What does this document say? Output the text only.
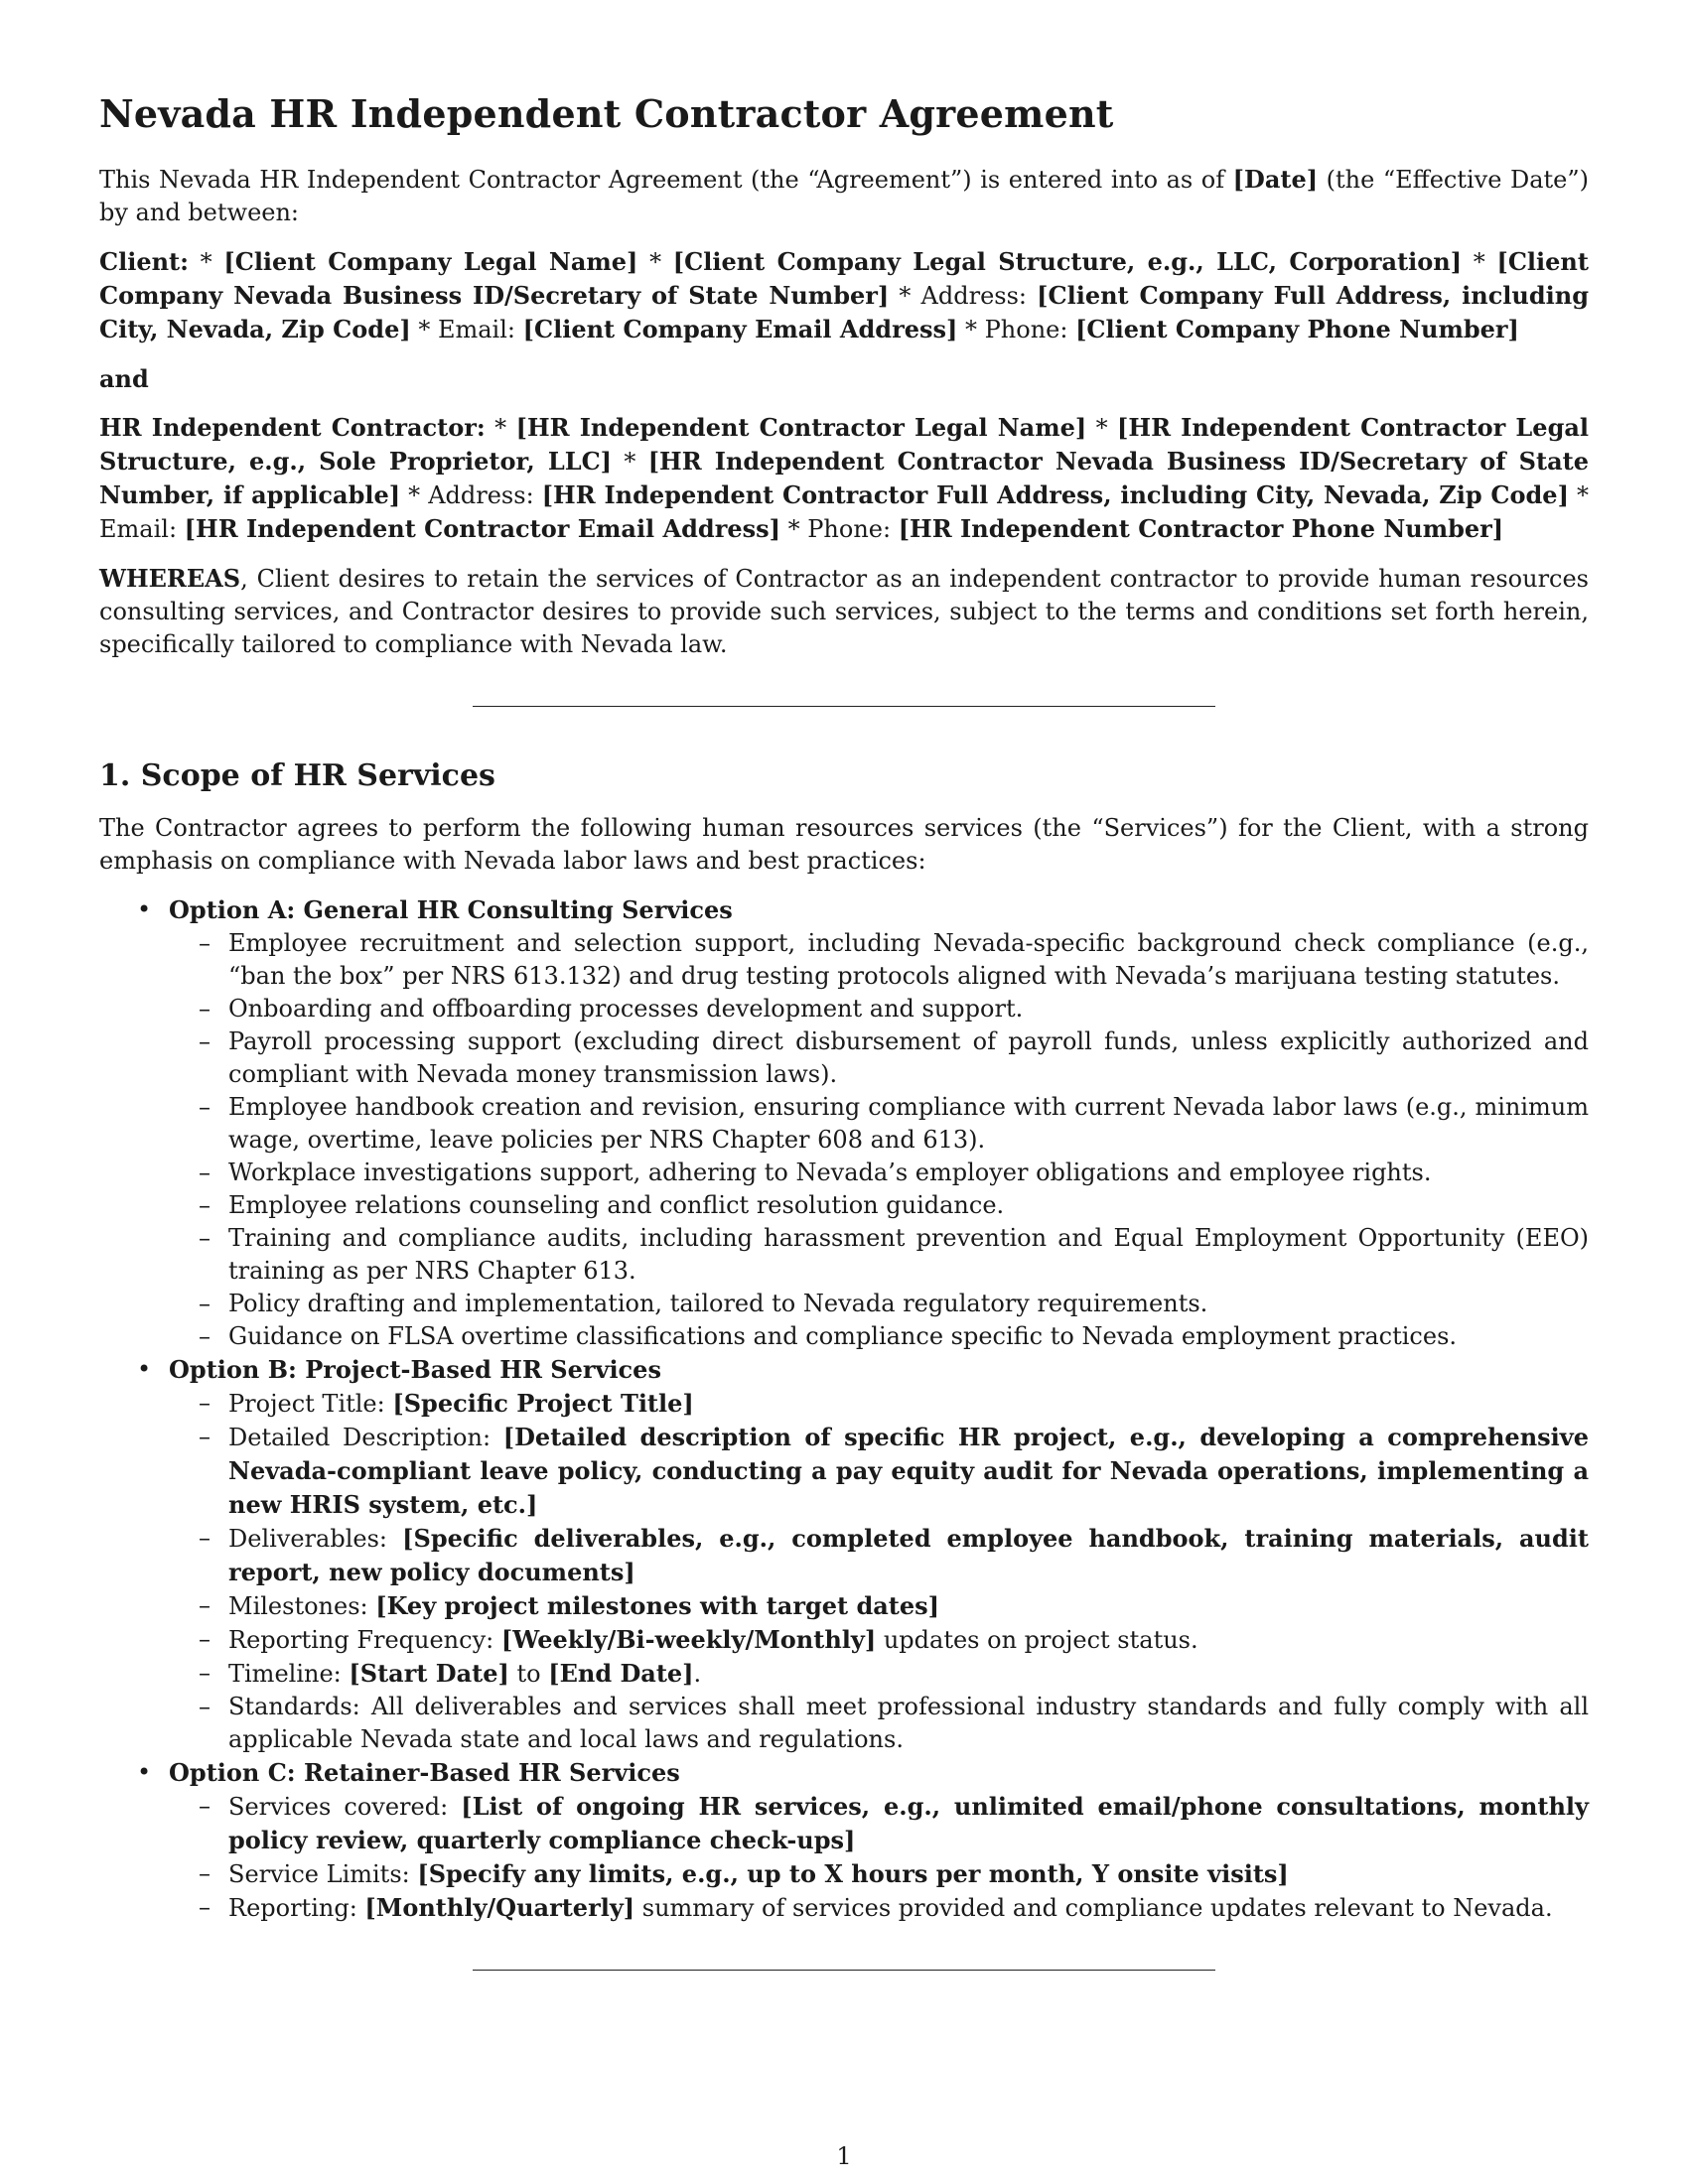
Nevada HR Independent Contractor Agreement

This Nevada HR Independent Contractor Agreement (the “Agreement”) is entered into as of [Date] (the “Effective Date”) by and between:

Client: * [Client Company Legal Name] * [Client Company Legal Structure, e.g., LLC, Corporation] * [Client Company Nevada Business ID/Secretary of State Number] * Address: [Client Company Full Address, including City, Nevada, Zip Code] * Email: [Client Company Email Address] * Phone: [Client Company Phone Number]

and

HR Independent Contractor: * [HR Independent Contractor Legal Name] * [HR Independent Contractor Legal Structure, e.g., Sole Proprietor, LLC] * [HR Independent Contractor Nevada Business ID/Secretary of State Number, if applicable] * Address: [HR Independent Contractor Full Address, including City, Nevada, Zip Code] * Email: [HR Independent Contractor Email Address] * Phone: [HR Independent Contractor Phone Number]

WHEREAS, Client desires to retain the services of Contractor as an independent contractor to provide human resources consulting services, and Contractor desires to provide such services, subject to the terms and conditions set forth herein, specifically tailored to compliance with Nevada law.

1. Scope of HR Services

The Contractor agrees to perform the following human resources services (the “Services”) for the Client, with a strong emphasis on compliance with Nevada labor laws and best practices:

• Option A: General HR Consulting Services
– Employee recruitment and selection support, including Nevada-specific background check compliance (e.g., “ban the box” per NRS 613.132) and drug testing protocols aligned with Nevada’s marijuana testing statutes.
– Onboarding and offboarding processes development and support.
– Payroll processing support (excluding direct disbursement of payroll funds, unless explicitly authorized and compliant with Nevada money transmission laws).
– Employee handbook creation and revision, ensuring compliance with current Nevada labor laws (e.g., minimum wage, overtime, leave policies per NRS Chapter 608 and 613).
– Workplace investigations support, adhering to Nevada’s employer obligations and employee rights.
– Employee relations counseling and conflict resolution guidance.
– Training and compliance audits, including harassment prevention and Equal Employment Opportunity (EEO) training as per NRS Chapter 613.
– Policy drafting and implementation, tailored to Nevada regulatory requirements.
– Guidance on FLSA overtime classifications and compliance specific to Nevada employment practices.
• Option B: Project-Based HR Services
– Project Title: [Specific Project Title]
– Detailed Description: [Detailed description of specific HR project, e.g., developing a comprehensive Nevada-compliant leave policy, conducting a pay equity audit for Nevada operations, implementing a new HRIS system, etc.]
– Deliverables: [Specific deliverables, e.g., completed employee handbook, training materials, audit report, new policy documents]
– Milestones: [Key project milestones with target dates]
– Reporting Frequency: [Weekly/Bi-weekly/Monthly] updates on project status.
– Timeline: [Start Date] to [End Date].
– Standards: All deliverables and services shall meet professional industry standards and fully comply with all applicable Nevada state and local laws and regulations.
• Option C: Retainer-Based HR Services
– Services covered: [List of ongoing HR services, e.g., unlimited email/phone consultations, monthly policy review, quarterly compliance check-ups]
– Service Limits: [Specify any limits, e.g., up to X hours per month, Y onsite visits]
– Reporting: [Monthly/Quarterly] summary of services provided and compliance updates relevant to Nevada.
1
